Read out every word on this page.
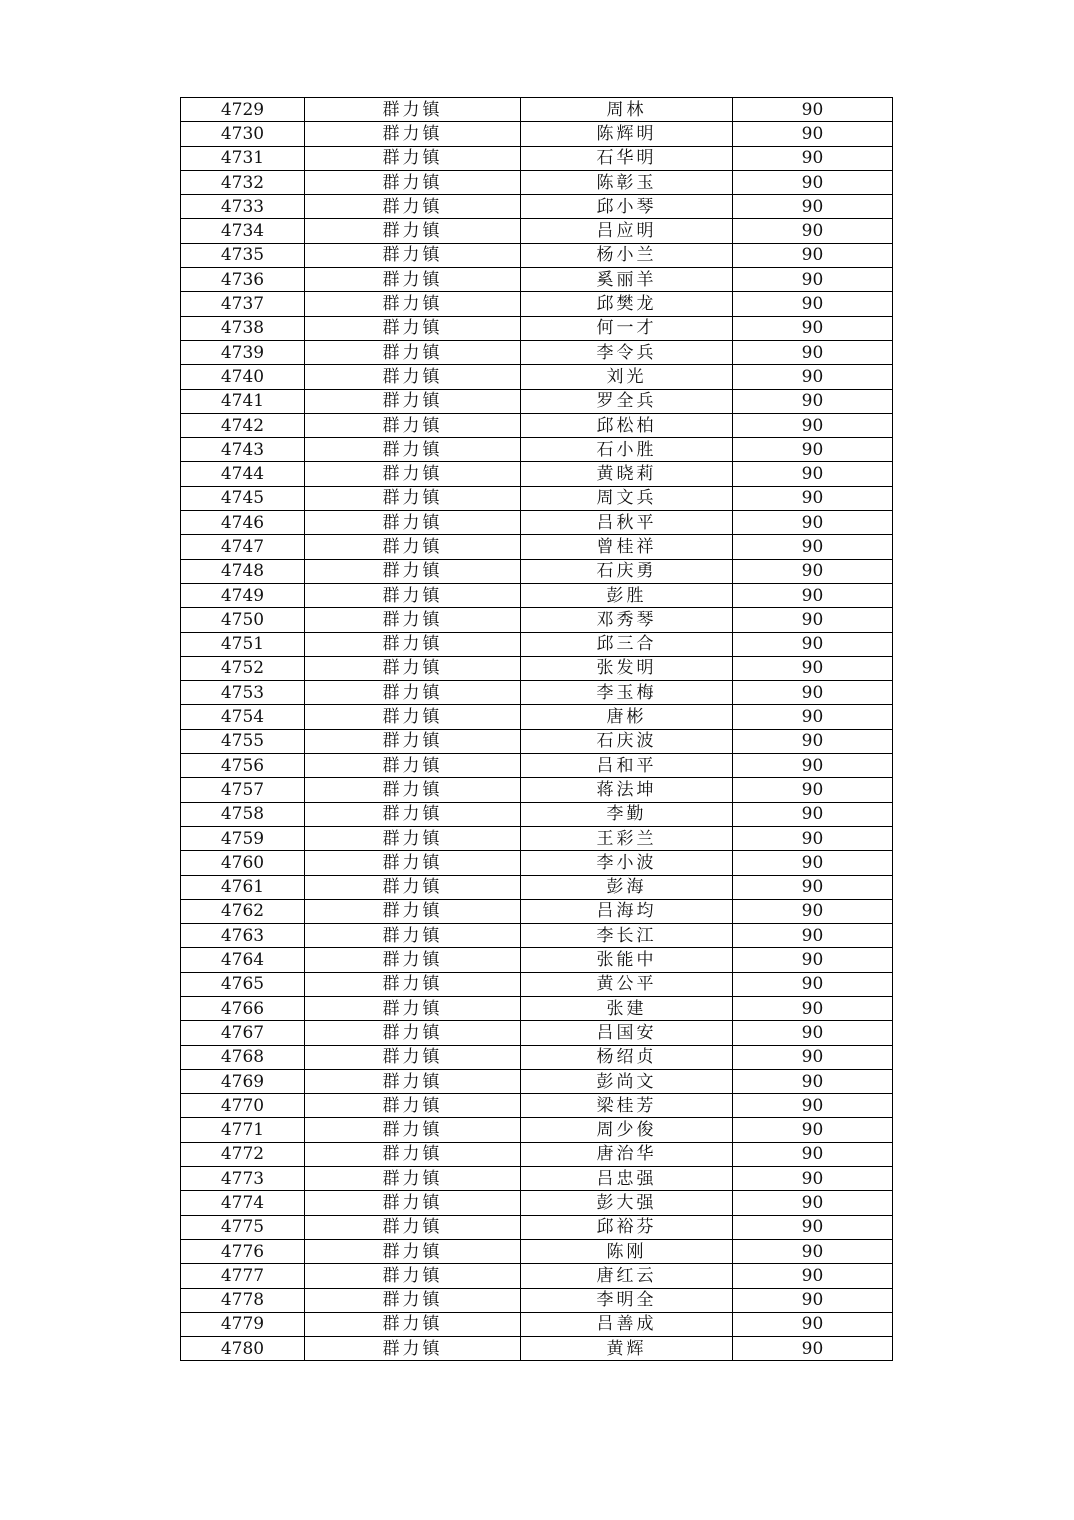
4729	群力镇	周林	90
4730	群力镇	陈辉明	90
4731	群力镇	石华明	90
4732	群力镇	陈彰玉	90
4733	群力镇	邱小琴	90
4734	群力镇	吕应明	90
4735	群力镇	杨小兰	90
4736	群力镇	奚丽羊	90
4737	群力镇	邱樊龙	90
4738	群力镇	何一才	90
4739	群力镇	李令兵	90
4740	群力镇	刘光	90
4741	群力镇	罗全兵	90
4742	群力镇	邱松柏	90
4743	群力镇	石小胜	90
4744	群力镇	黄晓莉	90
4745	群力镇	周文兵	90
4746	群力镇	吕秋平	90
4747	群力镇	曾桂祥	90
4748	群力镇	石庆勇	90
4749	群力镇	彭胜	90
4750	群力镇	邓秀琴	90
4751	群力镇	邱三合	90
4752	群力镇	张发明	90
4753	群力镇	李玉梅	90
4754	群力镇	唐彬	90
4755	群力镇	石庆波	90
4756	群力镇	吕和平	90
4757	群力镇	蒋法坤	90
4758	群力镇	李勤	90
4759	群力镇	王彩兰	90
4760	群力镇	李小波	90
4761	群力镇	彭海	90
4762	群力镇	吕海均	90
4763	群力镇	李长江	90
4764	群力镇	张能中	90
4765	群力镇	黄公平	90
4766	群力镇	张建	90
4767	群力镇	吕国安	90
4768	群力镇	杨绍贞	90
4769	群力镇	彭尚文	90
4770	群力镇	梁桂芳	90
4771	群力镇	周少俊	90
4772	群力镇	唐治华	90
4773	群力镇	吕忠强	90
4774	群力镇	彭大强	90
4775	群力镇	邱裕芬	90
4776	群力镇	陈刚	90
4777	群力镇	唐红云	90
4778	群力镇	李明全	90
4779	群力镇	吕善成	90
4780	群力镇	黄辉	90
